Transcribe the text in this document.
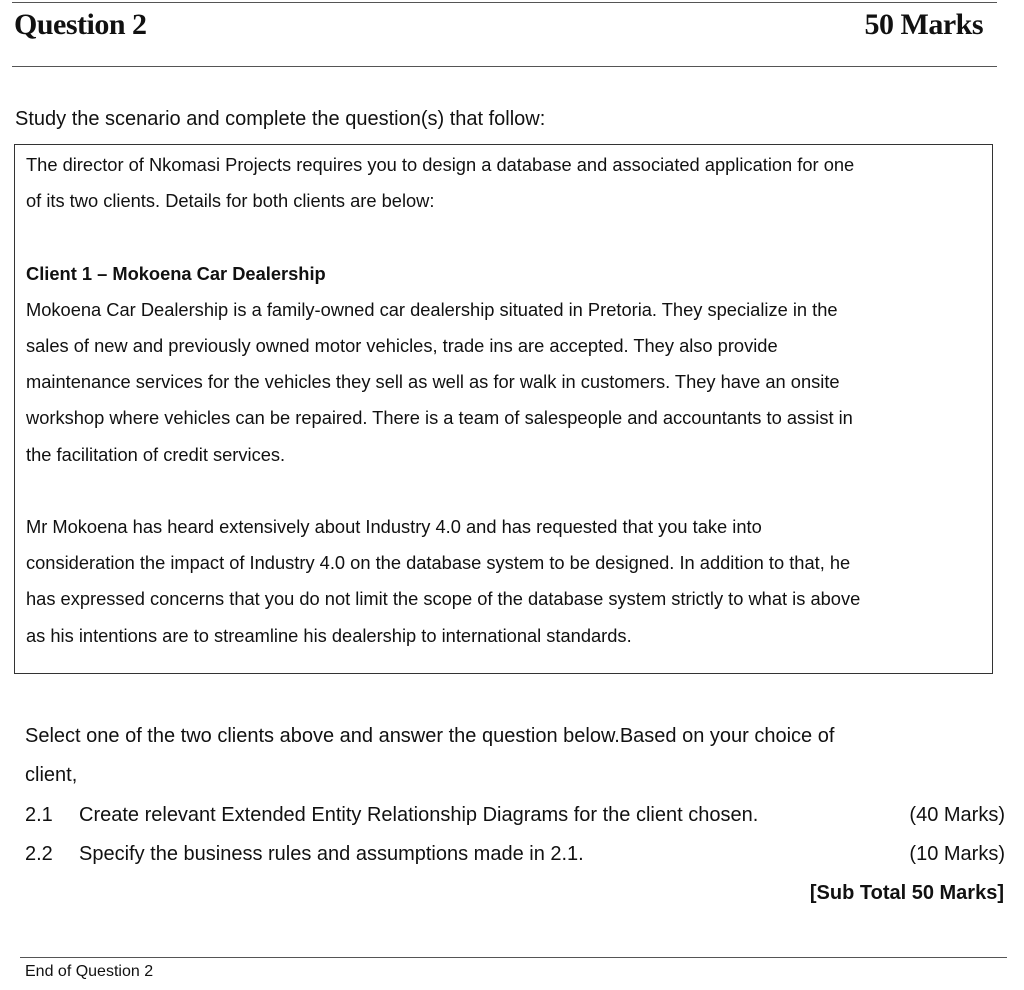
Question 2	50 Marks
Study the scenario and complete the question(s) that follow:

The director of Nkomasi Projects requires you to design a database and associated application for one

of its two clients. Details for both clients are below:

Client 1 – Mokoena Car Dealership

Mokoena Car Dealership is a family-owned car dealership situated in Pretoria. They specialize in the

sales of new and previously owned motor vehicles, trade ins are accepted. They also provide

maintenance services for the vehicles they sell as well as for walk in customers. They have an onsite

workshop where vehicles can be repaired. There is a team of salespeople and accountants to assist in

the facilitation of credit services.

Mr Mokoena has heard extensively about Industry 4.0 and has requested that you take into

consideration the impact of Industry 4.0 on the database system to be designed. In addition to that, he

has expressed concerns that you do not limit the scope of the database system strictly to what is above

as his intentions are to streamline his dealership to international standards.

Select one of the two clients above and answer the question below.Based on your choice of
client,
2.1 Create relevant Extended Entity Relationship Diagrams for the client chosen.	(40 Marks)
2.2 Specify the business rules and assumptions made in 2.1.	(10 Marks)
[Sub Total 50 Marks]
End of Question 2
